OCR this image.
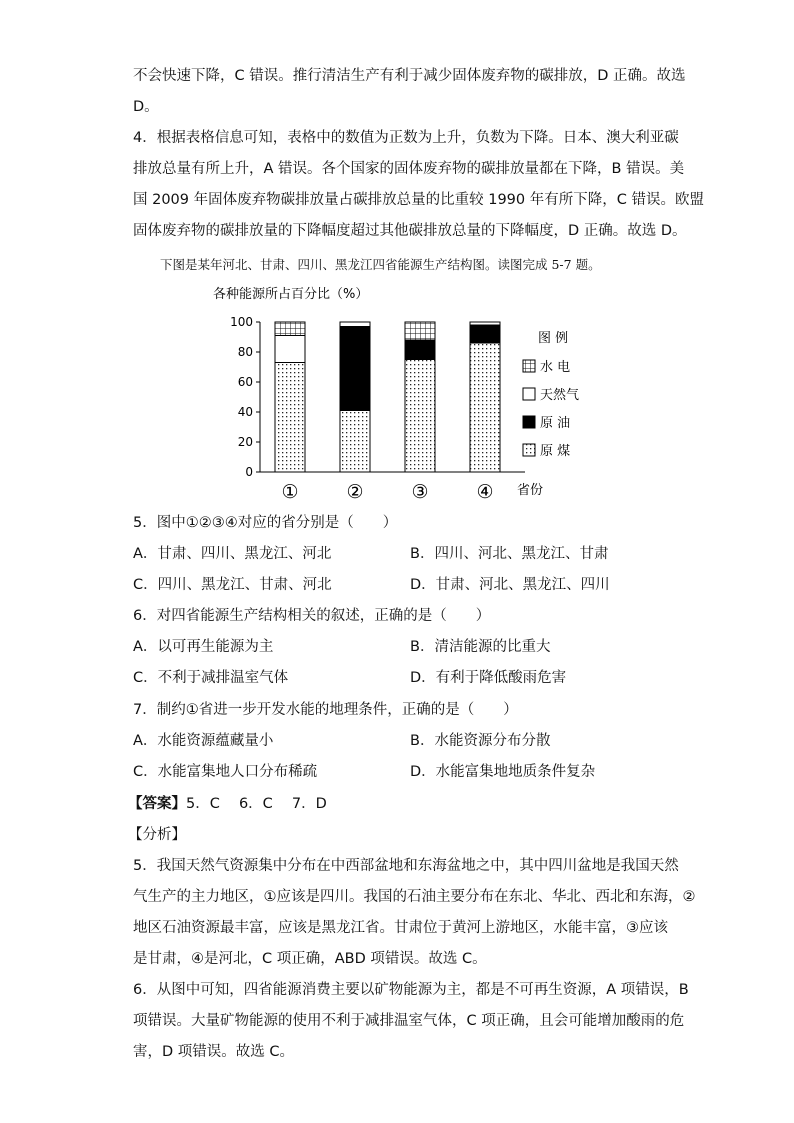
不会快速下降，C 错误。推行清洁生产有利于减少固体废弃物的碳排放，D 正确。故选
D。
4．根据表格信息可知，表格中的数值为正数为上升，负数为下降。日本、澳大利亚碳
排放总量有所上升，A 错误。各个国家的固体废弃物的碳排放量都在下降，B 错误。美
国 2009 年固体废弃物碳排放量占碳排放总量的比重较 1990 年有所下降，C 错误。欧盟
固体废弃物的碳排放量的下降幅度超过其他碳排放总量的下降幅度，D 正确。故选 D。
下图是某年河北、甘肃、四川、黑龙江四省能源生产结构图。读图完成 5-7 题。
各种能源所占百分比（%）
0
20
40
60
80
100
①	②	③	④ 省份
图 例
水 电
天然气
原 油
原 煤
5．图中①②③④对应的省分别是（　　）
A．甘肃、四川、黑龙江、河北	B．四川、河北、黑龙江、甘肃
C．四川、黑龙江、甘肃、河北	D．甘肃、河北、黑龙江、四川
6．对四省能源生产结构相关的叙述，正确的是（　　）
A．以可再生能源为主	B．清洁能源的比重大
C．不利于减排温室气体	D．有利于降低酸雨危害
7．制约①省进一步开发水能的地理条件，正确的是（　　）
A．水能资源蕴藏量小	B．水能资源分布分散
C．水能富集地人口分布稀疏	D．水能富集地地质条件复杂
【答案】5．C　 6．C　 7．D
【分析】
5．我国天然气资源集中分布在中西部盆地和东海盆地之中，其中四川盆地是我国天然
气生产的主力地区，①应该是四川。我国的石油主要分布在东北、华北、西北和东海，②
地区石油资源最丰富，应该是黑龙江省。甘肃位于黄河上游地区，水能丰富，③应该
是甘肃，④是河北，C 项正确，ABD 项错误。故选 C。
6．从图中可知，四省能源消费主要以矿物能源为主，都是不可再生资源，A 项错误，B
项错误。大量矿物能源的使用不利于减排温室气体，C 项正确，且会可能增加酸雨的危
害，D 项错误。故选 C。
